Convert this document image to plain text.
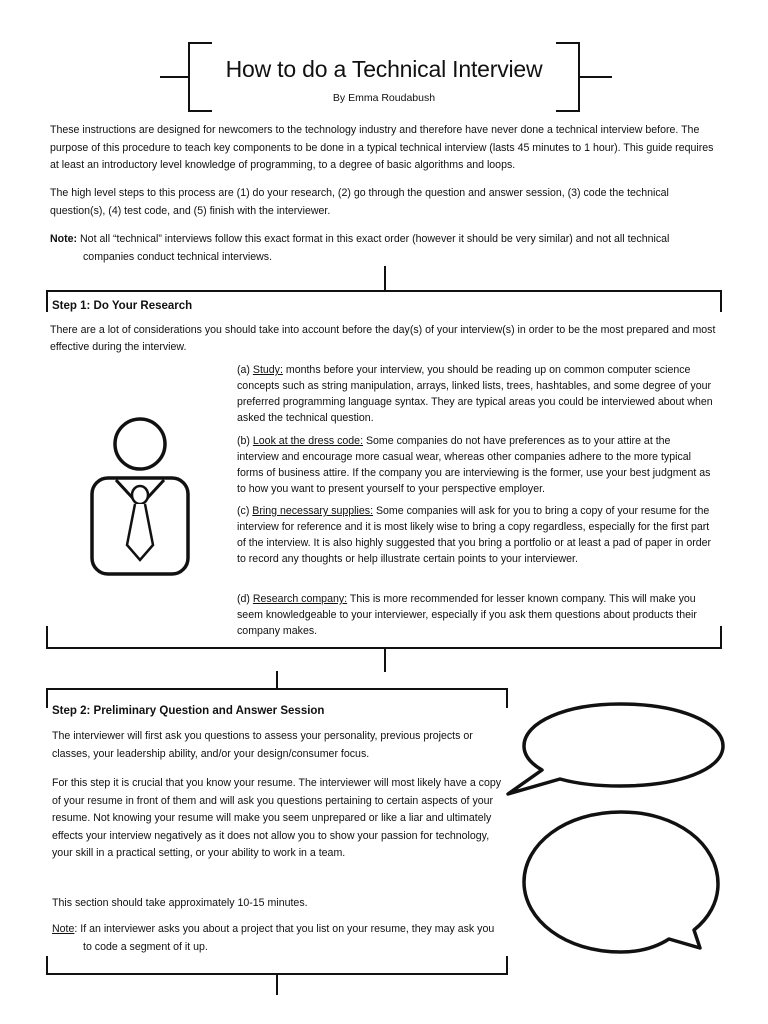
How to do a Technical Interview
By Emma Roudabush
These instructions are designed for newcomers to the technology industry and therefore have never done a technical interview before. The purpose of this procedure to teach key components to be done in a typical technical interview (lasts 45 minutes to 1 hour). This guide requires at least an introductory level knowledge of programming, to a degree of basic algorithms and loops.
The high level steps to this process are (1) do your research, (2) go through the question and answer session, (3) code the technical question(s), (4) test code, and (5) finish with the interviewer.
Note: Not all “technical” interviews follow this exact format in this exact order (however it should be very similar) and not all technical companies conduct technical interviews.
Step 1: Do Your Research
There are a lot of considerations you should take into account before the day(s) of your interview(s) in order to be the most prepared and most effective during the interview.
(a) Study: months before your interview, you should be reading up on common computer science concepts such as string manipulation, arrays, linked lists, trees, hashtables, and some degree of your preferred programming language syntax. They are typical areas you could be interviewed about when asked the technical question.
(b) Look at the dress code: Some companies do not have preferences as to your attire at the interview and encourage more casual wear, whereas other companies adhere to the more typical forms of business attire. If the company you are interviewing is the former, use your best judgment as to how you want to present yourself to your perspective employer.
(c) Bring necessary supplies: Some companies will ask for you to bring a copy of your resume for the interview for reference and it is most likely wise to bring a copy regardless, especially for the first part of the interview. It is also highly suggested that you bring a portfolio or at least a pad of paper in order to record any thoughts or help illustrate certain points to your interviewer.
(d) Research company: This is more recommended for lesser known company. This will make you seem knowledgeable to your interviewer, especially if you ask them questions about products their company makes.
Step 2: Preliminary Question and Answer Session
The interviewer will first ask you questions to assess your personality, previous projects or classes, your leadership ability, and/or your design/consumer focus.
For this step it is crucial that you know your resume. The interviewer will most likely have a copy of your resume in front of them and will ask you questions pertaining to certain aspects of your resume. Not knowing your resume will make you seem unprepared or like a liar and ultimately effects your interview negatively as it does not allow you to show your passion for technology, your skill in a practical setting, or your ability to work in a team.
This section should take approximately 10-15 minutes.
Note: If an interviewer asks you about a project that you list on your resume, they may ask you to code a segment of it up.
